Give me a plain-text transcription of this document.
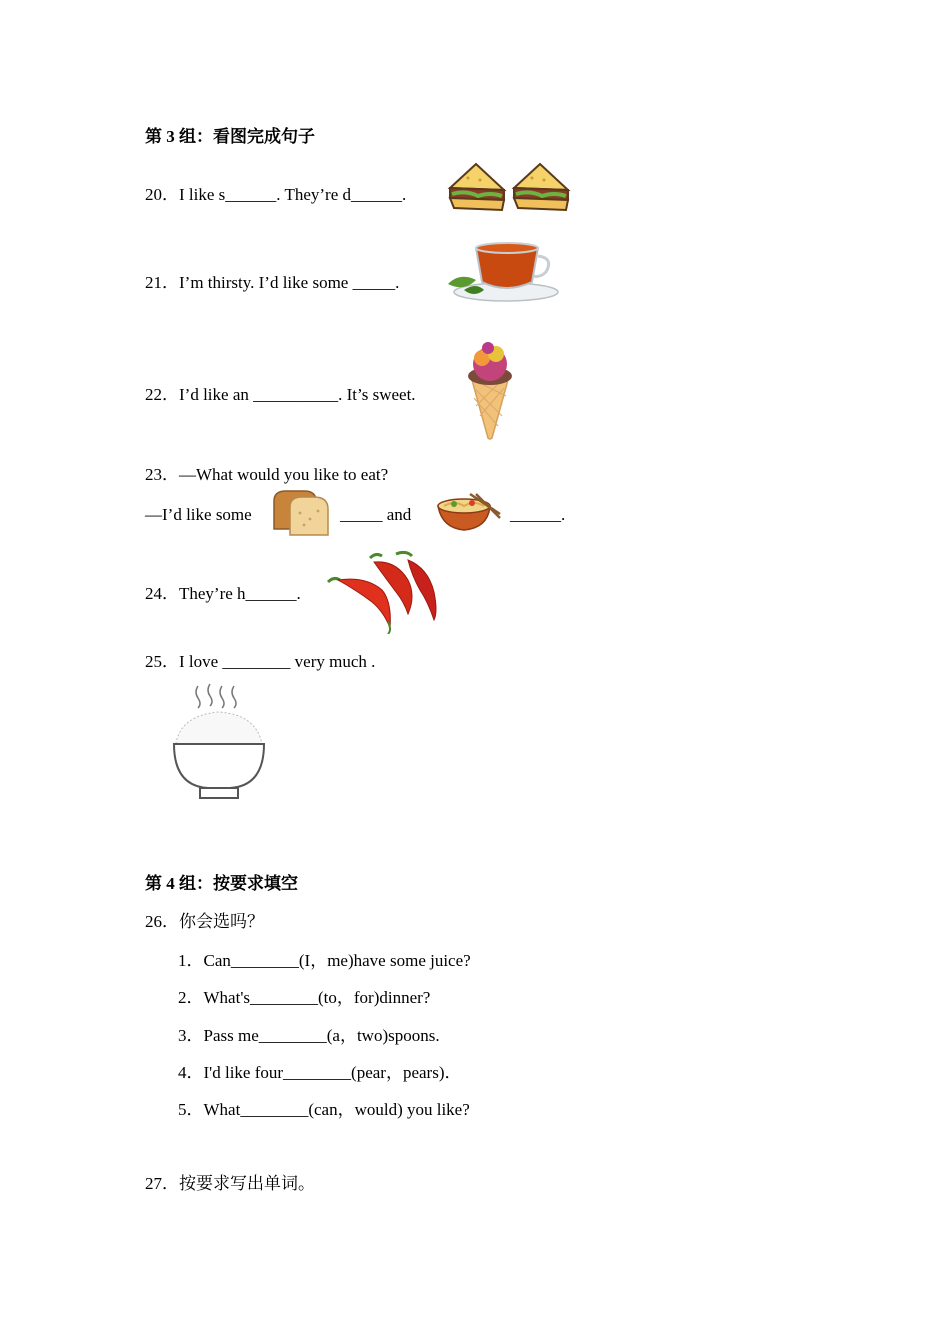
第 3 组：看图完成句子
20．I like s______. They’re d______.
21．I’m thirsty. I’d like some _____.
22．I’d like an __________. It’s sweet.
23．—What would you like to eat?
—I’d like some	_____ and	______.
24．They’re h______.
25．I love ________ very much .
第 4 组：按要求填空
26．你会选吗？
1．Can________(I，me)have some juice?
2．What's________(to，for)dinner?
3．Pass me________(a，two)spoons.
4．I'd like four________(pear，pears)．
5．What________(can，would) you like?
27．按要求写出单词。
